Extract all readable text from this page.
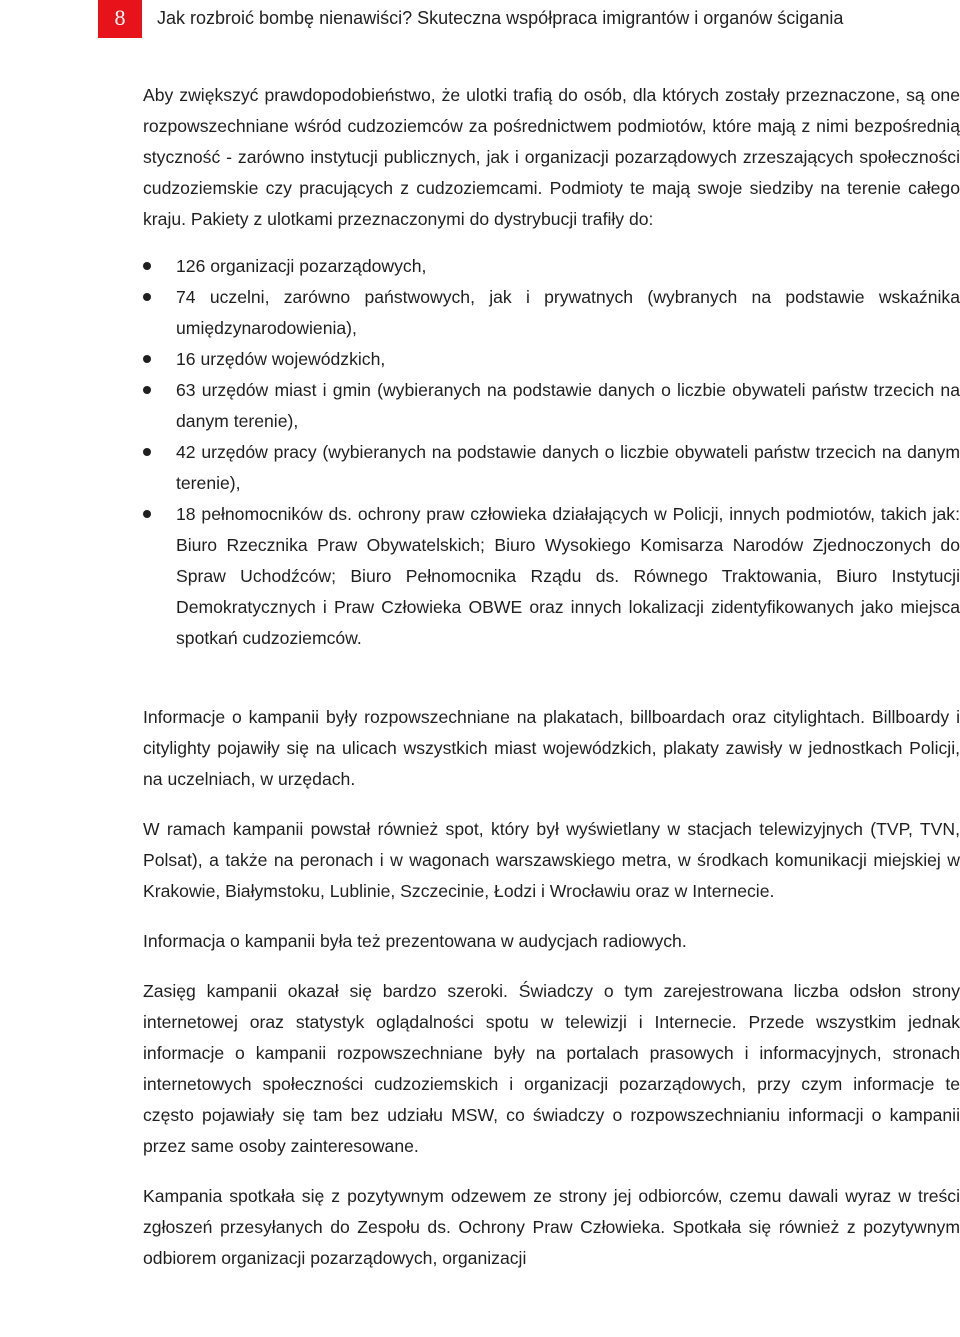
8	Jak rozbroić bombę nienawiści? Skuteczna współpraca imigrantów i organów ścigania

Aby zwiększyć prawdopodobieństwo, że ulotki trafią do osób, dla których zostały przeznaczone, są one rozpowszechniane wśród cudzoziemców za pośrednictwem podmiotów, które mają z nimi bezpośrednią styczność - zarówno instytucji publicznych, jak i organizacji pozarządowych zrzeszających społeczności cudzoziemskie czy pracujących z cudzoziemcami. Podmioty te mają swoje siedziby na terenie całego kraju. Pakiety z ulotkami przeznaczonymi do dystrybucji trafiły do:

126 organizacji pozarządowych,
74 uczelni, zarówno państwowych, jak i prywatnych (wybranych na podstawie wskaźnika umiędzynarodowienia),
16 urzędów wojewódzkich,
63 urzędów miast i gmin (wybieranych na podstawie danych o liczbie obywateli państw trzecich na danym terenie),
42 urzędów pracy (wybieranych na podstawie danych o liczbie obywateli państw trzecich na danym terenie),
18 pełnomocników ds. ochrony praw człowieka działających w Policji, innych podmiotów, takich jak: Biuro Rzecznika Praw Obywatelskich; Biuro Wysokiego Komisarza Narodów Zjednoczonych do Spraw Uchodźców; Biuro Pełnomocnika Rządu ds. Równego Traktowania, Biuro Instytucji Demokratycznych i Praw Człowieka OBWE oraz innych lokalizacji zidentyfikowanych jako miejsca spotkań cudzoziemców.

Informacje o kampanii były rozpowszechniane na plakatach, billboardach oraz citylightach. Billboardy i citylighty pojawiły się na ulicach wszystkich miast wojewódzkich, plakaty zawisły w jednostkach Policji, na uczelniach, w urzędach.

W ramach kampanii powstał również spot, który był wyświetlany w stacjach telewizyjnych (TVP, TVN, Polsat), a także na peronach i w wagonach warszawskiego metra, w środkach komunikacji miejskiej w Krakowie, Białymstoku, Lublinie, Szczecinie, Łodzi i Wrocławiu oraz w Internecie.

Informacja o kampanii była też prezentowana w audycjach radiowych.

Zasięg kampanii okazał się bardzo szeroki. Świadczy o tym zarejestrowana liczba odsłon strony internetowej oraz statystyk oglądalności spotu w telewizji i Internecie. Przede wszystkim jednak informacje o kampanii rozpowszechniane były na portalach prasowych i informacyjnych, stronach internetowych społeczności cudzoziemskich i organizacji pozarządowych, przy czym informacje te często pojawiały się tam bez udziału MSW, co świadczy o rozpowszechnianiu informacji o kampanii przez same osoby zainteresowane.

Kampania spotkała się z pozytywnym odzewem ze strony jej odbiorców, czemu dawali wyraz w treści zgłoszeń przesyłanych do Zespołu ds. Ochrony Praw Człowieka. Spotkała się również z pozytywnym odbiorem organizacji pozarządowych, organizacji
